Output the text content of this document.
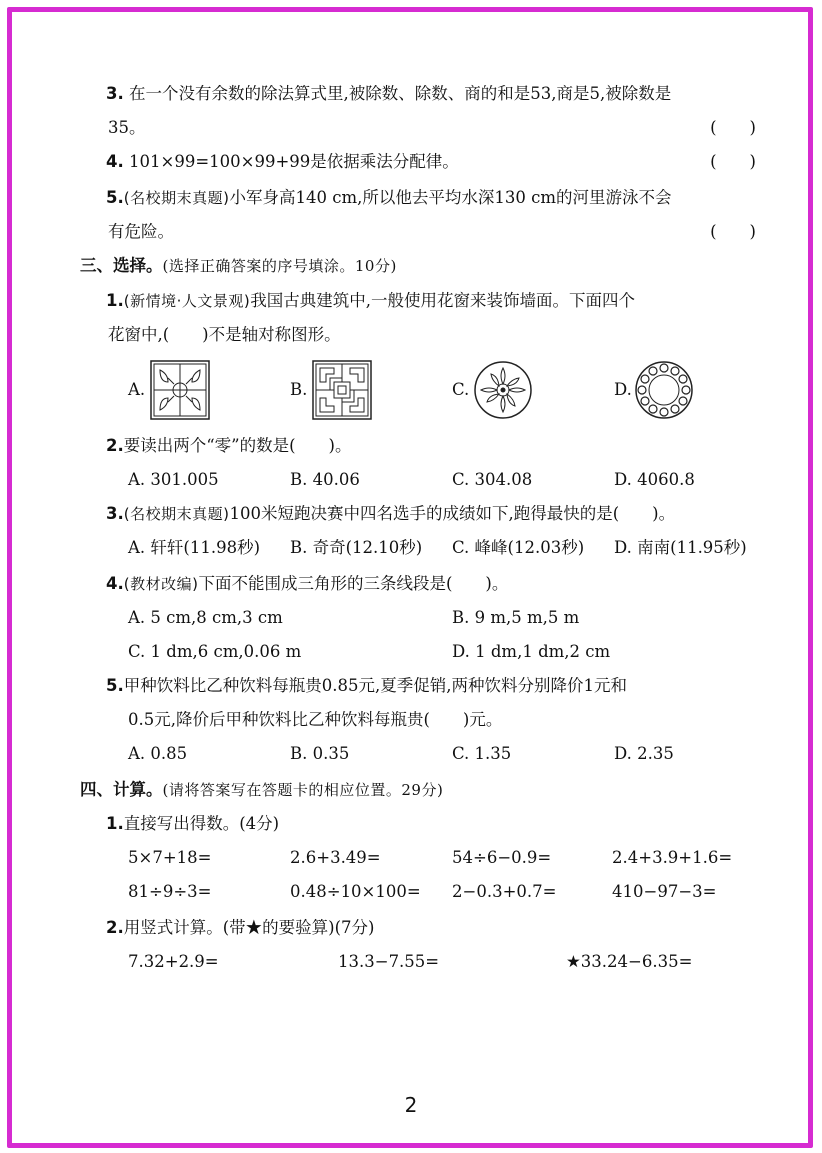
3. 在一个没有余数的除法算式里,被除数、除数、商的和是53,商是5,被除数是
35。	(　　)
4. 101×99=100×99+99是依据乘法分配律。	(　　)
5.(名校期末真题)小军身高140 cm,所以他去平均水深130 cm的河里游泳不会
有危险。	(　　)
三、选择。(选择正确答案的序号填涂。10分)
1.(新情境·人文景观)我国古典建筑中,一般使用花窗来装饰墙面。下面四个
花窗中,(　　)不是轴对称图形。
A.	B.	C.	D.
2.要读出两个“零”的数是(　　)。
A. 301.005	B. 40.06	C. 304.08	D. 4060.8
3.(名校期末真题)100米短跑决赛中四名选手的成绩如下,跑得最快的是(　　)。
A. 轩轩(11.98秒) B. 奇奇(12.10秒) C. 峰峰(12.03秒) D. 南南(11.95秒)
4.(教材改编)下面不能围成三角形的三条线段是(　　)。
A. 5 cm,8 cm,3 cm	B. 9 m,5 m,5 m
C. 1 dm,6 cm,0.06 m	D. 1 dm,1 dm,2 cm
5.甲种饮料比乙种饮料每瓶贵0.85元,夏季促销,两种饮料分别降价1元和
0.5元,降价后甲种饮料比乙种饮料每瓶贵(　　)元。
A. 0.85	B. 0.35	C. 1.35	D. 2.35
四、计算。(请将答案写在答题卡的相应位置。29分)
1.直接写出得数。(4分)
5×7+18=	2.6+3.49=	54÷6−0.9=	2.4+3.9+1.6=
81÷9÷3=	0.48÷10×100= 2−0.3+0.7=	410−97−3=
2.用竖式计算。(带★的要验算)(7分)
7.32+2.9=	13.3−7.55=	★33.24−6.35=
2
